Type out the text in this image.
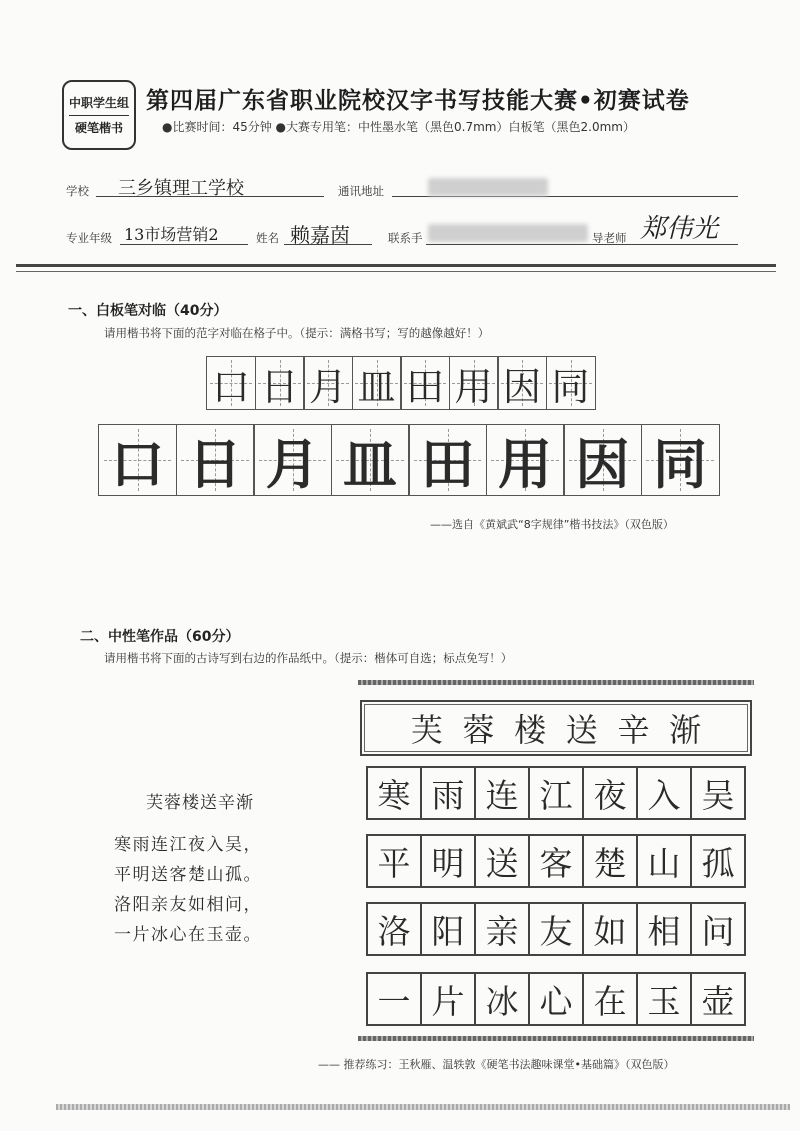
中职学生组
硬笔楷书
第四届广东省职业院校汉字书写技能大赛•初赛试卷
●比赛时间：45分钟 ●大赛专用笔：中性墨水笔（黑色0.7mm）白板笔（黑色2.0mm）
学校 三乡镇理工学校	通讯地址
专业年级 13市场营销2	姓名 赖嘉茵	联系手	导老师 郑伟光
一、白板笔对临（40分）
请用楷书将下面的范字对临在格子中。（提示：满格书写；写的越像越好！）
口 日 月 皿 田 用 因 同
口 日 月 皿 田 用 因 同
——选自《黄斌武“8字规律”楷书技法》（双色版）
二、中性笔作品（60分）
请用楷书将下面的古诗写到右边的作品纸中。（提示：楷体可自选；标点免写！）
芙蓉楼送辛渐
寒雨连江夜入吴，
平明送客楚山孤。
洛阳亲友如相问，
一片冰心在玉壶。
芙 蓉 楼 送 辛 渐
寒 雨 连 江 夜 入 吴
平 明 送 客 楚 山 孤
洛 阳 亲 友 如 相 问
一 片 冰 心 在 玉 壶
—— 推荐练习：王秋雁、温轶敦《硬笔书法趣味课堂•基础篇》（双色版）
